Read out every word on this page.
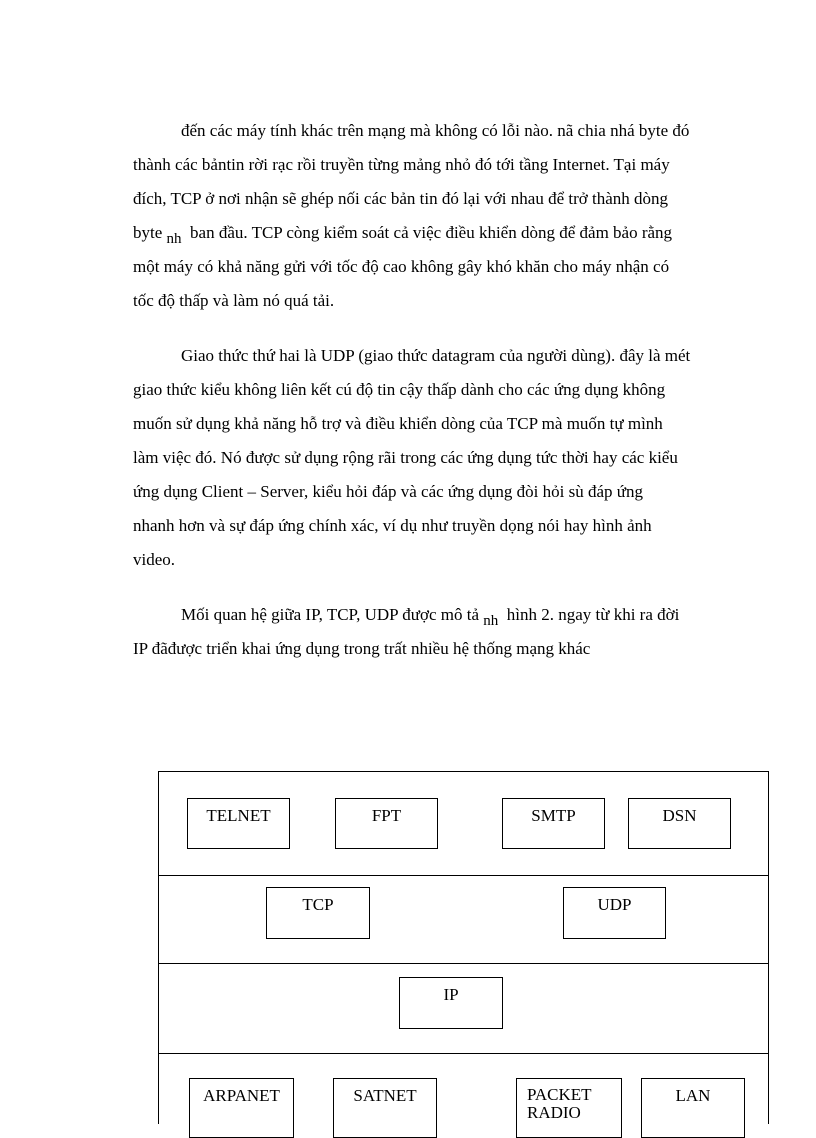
đến các máy tính khác trên mạng mà không có lỗi nào. nã chia nhá byte đó
thành các bảntin rời rạc rồi truyền từng mảng nhỏ đó tới tầng Internet. Tại máy
đích, TCP ở nơi nhận sẽ ghép nối các bản tin đó lại với nhau để trở thành dòng
byte nh ban đầu. TCP còng kiểm soát cả việc điều khiển dòng để đảm bảo rằng
một máy có khả năng gửi với tốc độ cao không gây khó khăn cho máy nhận có
tốc độ thấp và làm nó quá tải.
Giao thức thứ hai là UDP (giao thức datagram của người dùng). đây là mét
giao thức kiểu không liên kết cú độ tin cậy thấp dành cho các ứng dụng không
muốn sử dụng khả năng hỗ trợ và điều khiển dòng của TCP mà muốn tự mình
làm việc đó. Nó được sử dụng rộng rãi trong các ứng dụng tức thời hay các kiểu
ứng dụng Client – Server, kiểu hỏi đáp và các ứng dụng đòi hỏi sù đáp ứng
nhanh hơn và sự đáp ứng chính xác, ví dụ như truyền dọng nói hay hình ảnh
video.
Mối quan hệ giữa IP, TCP, UDP được mô tả nh hình 2. ngay từ khi ra đời
IP đãđược triển khai ứng dụng trong trất nhiều hệ thống mạng khác
TELNET	FPT	SMTP	DSN
TCP	UDP
IP
ARPANET	SATNET	PACKET
RADIO
LAN
